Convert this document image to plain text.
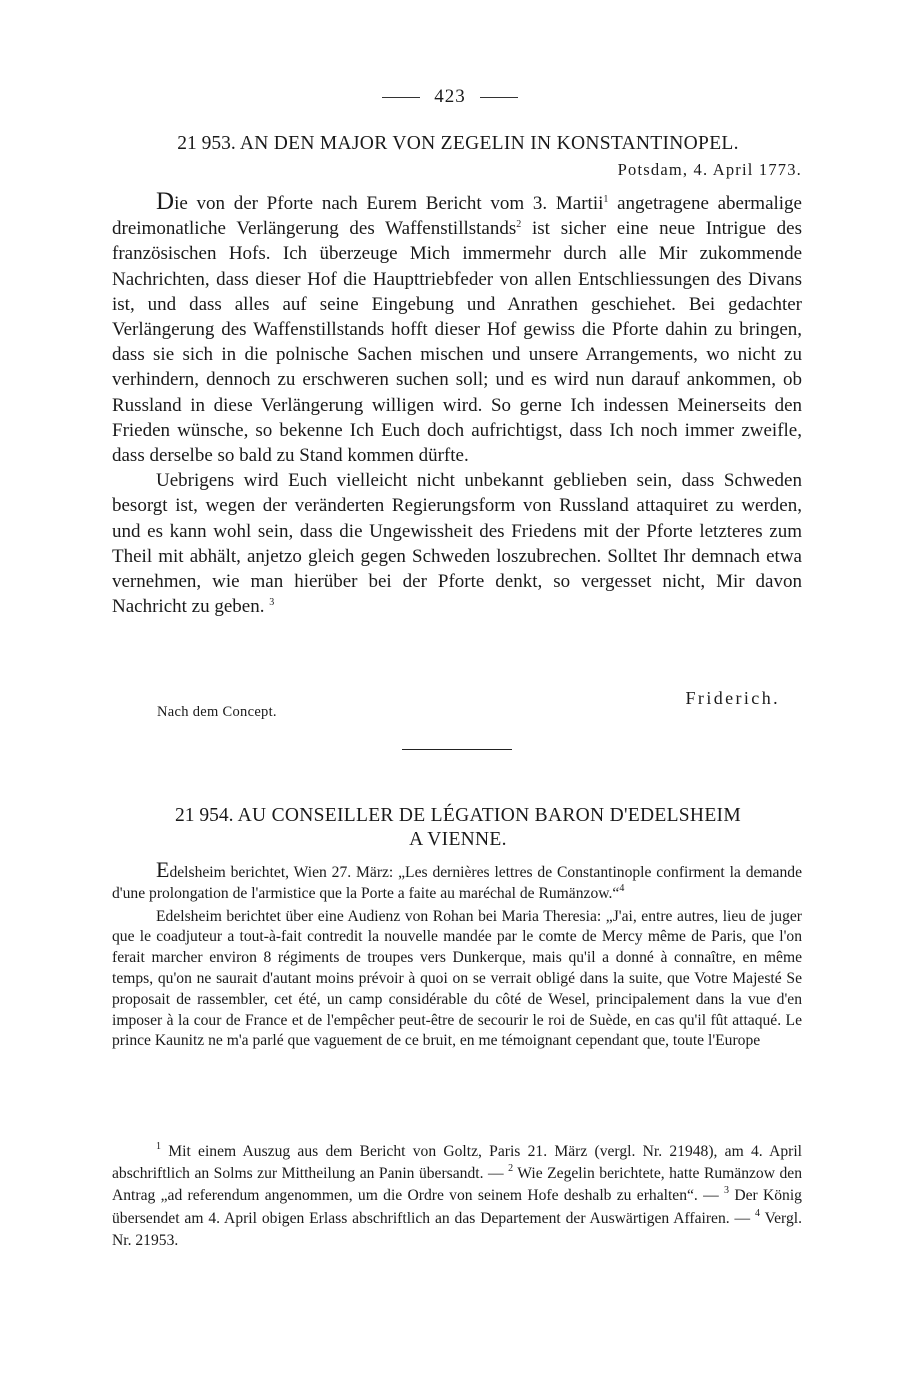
423
21 953. AN DEN MAJOR VON ZEGELIN IN KONSTANTINOPEL.
Potsdam, 4. April 1773.

Die von der Pforte nach Eurem Bericht vom 3. Martii$^1$ angetragene abermalige dreimonatliche Verlängerung des Waffenstillstands$^2$ ist sicher eine neue Intrigue des französischen Hofs. Ich überzeuge Mich immermehr durch alle Mir zukommende Nachrichten, dass dieser Hof die Haupttriebfeder von allen Entschliessungen des Divans ist, und dass alles auf seine Eingebung und Anrathen geschiehet. Bei gedachter Verlängerung des Waffenstillstands hofft dieser Hof gewiss die Pforte dahin zu bringen, dass sie sich in die polnische Sachen mischen und unsere Arrangements, wo nicht zu verhindern, dennoch zu erschweren suchen soll; und es wird nun darauf ankommen, ob Russland in diese Verlängerung willigen wird. So gerne Ich indessen Meinerseits den Frieden wünsche, so bekenne Ich Euch doch aufrichtigst, dass Ich noch immer zweifle, dass derselbe so bald zu Stand kommen dürfte.

Uebrigens wird Euch vielleicht nicht unbekannt geblieben sein, dass Schweden besorgt ist, wegen der veränderten Regierungsform von Russland attaquiret zu werden, und es kann wohl sein, dass die Ungewissheit des Friedens mit der Pforte letzteres zum Theil mit abhält, anjetzo gleich gegen Schweden loszubrechen. Solltet Ihr demnach etwa vernehmen, wie man hierüber bei der Pforte denkt, so vergesset nicht, Mir davon Nachricht zu geben. $^3$

Friderich.
Nach dem Concept.
21 954. AU CONSEILLER DE LÉGATION BARON D'EDELSHEIM
A VIENNE.

Edelsheim berichtet, Wien 27. März: „Les dernières lettres de Constantinople confirment la demande d'une prolongation de l'armistice que la Porte a faite au maréchal de Rumänzow.“$^4$

Edelsheim berichtet über eine Audienz von Rohan bei Maria Theresia: „J'ai, entre autres, lieu de juger que le coadjuteur a tout-à-fait contredit la nouvelle mandée par le comte de Mercy même de Paris, que l'on ferait marcher environ 8 régiments de troupes vers Dunkerque, mais qu'il a donné à connaître, en même temps, qu'on ne saurait d'autant moins prévoir à quoi on se verrait obligé dans la suite, que Votre Majesté Se proposait de rassembler, cet été, un camp considérable du côté de Wesel, principalement dans la vue d'en imposer à la cour de France et de l'empêcher peut-être de secourir le roi de Suède, en cas qu'il fût attaqué. Le prince Kaunitz ne m'a parlé que vaguement de ce bruit, en me témoignant cependant que, toute l'Europe

$^1$ Mit einem Auszug aus dem Bericht von Goltz, Paris 21. März (vergl. Nr. 21948), am 4. April abschriftlich an Solms zur Mittheilung an Panin übersandt. — $^2$ Wie Zegelin berichtete, hatte Rumänzow den Antrag „ad referendum angenommen, um die Ordre von seinem Hofe deshalb zu erhalten“. — $^3$ Der König übersendet am 4. April obigen Erlass abschriftlich an das Departement der Auswärtigen Affairen. — $^4$ Vergl. Nr. 21953.
